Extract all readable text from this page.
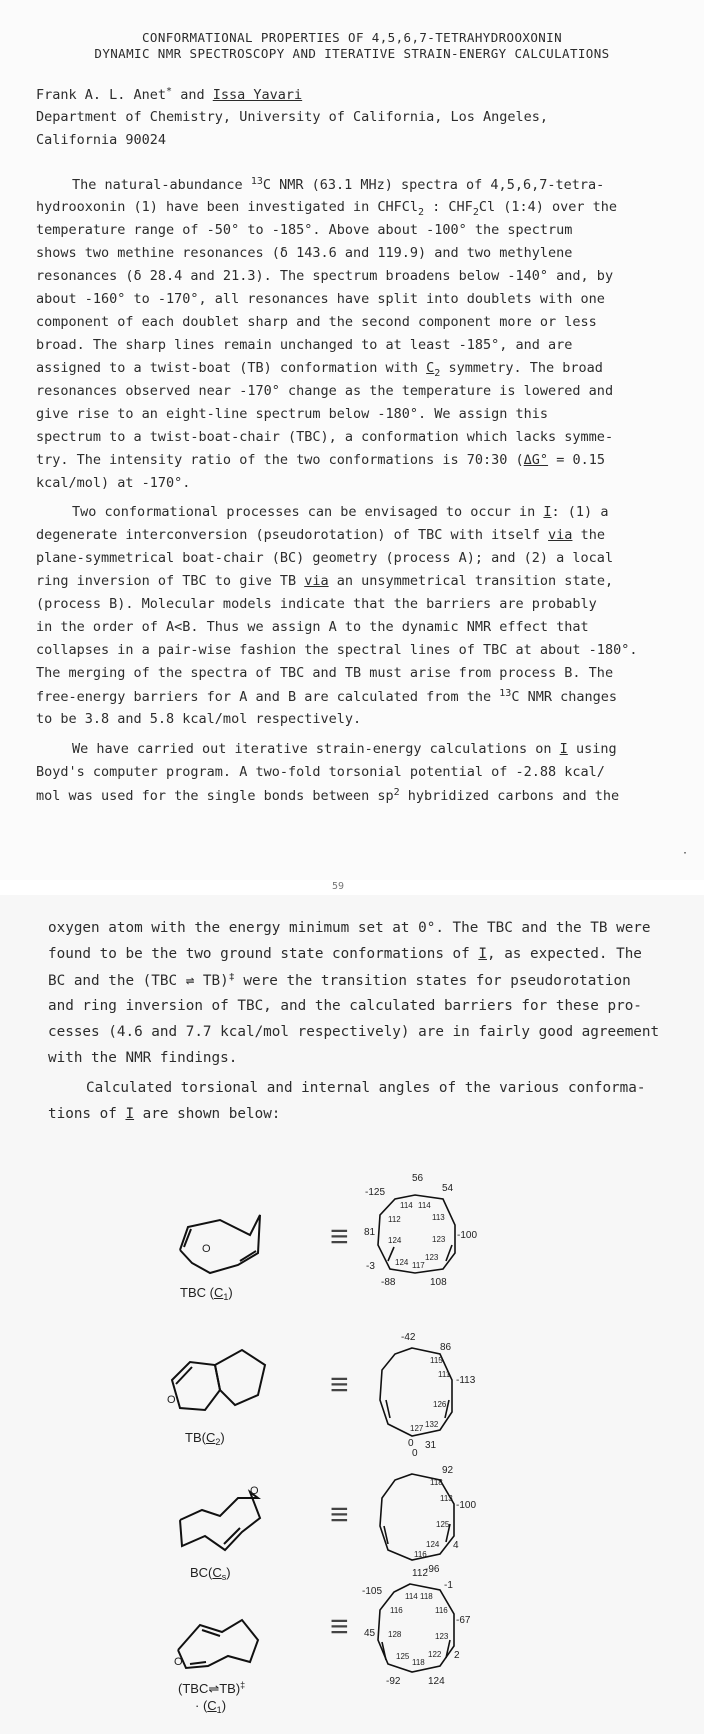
CONFORMATIONAL PROPERTIES OF 4,5,6,7-TETRAHYDROOXONIN
DYNAMIC NMR SPECTROSCOPY AND ITERATIVE STRAIN-ENERGY CALCULATIONS
Frank A. L. Anet* and Issa Yavari
Department of Chemistry, University of California, Los Angeles,
California 90024
The natural-abundance $^{13}$C NMR (63.1 MHz) spectra of 4,5,6,7-tetra-
hydrooxonin (1) have been investigated in CHFCl$_2$ : $CHF_2Cl$ (1:4) over the
temperature range of -50° to -185°. Above about -100° the spectrum
shows two methine resonances (δ 143.6 and 119.9) and two methylene
resonances (δ 28.4 and 21.3). The spectrum broadens below -140° and, by
about -160° to -170°, all resonances have split into doublets with one
component of each doublet sharp and the second component more or less
broad. The sharp lines remain unchanged to at least -185°, and are
assigned to a twist-boat (TB) conformation with $C_2$ symmetry. The broad
resonances observed near -170° change as the temperature is lowered and
give rise to an eight-line spectrum below -180°. We assign this
spectrum to a twist-boat-chair (TBC), a conformation which lacks symme-
try. The intensity ratio of the two conformations is 70:30 (ΔG° = 0.15
kcal/mol) at -170°.
Two conformational processes can be envisaged to occur in I: (1) a
degenerate interconversion (pseudorotation) of TBC with itself via the
plane-symmetrical boat-chair (BC) geometry (process A); and (2) a local
ring inversion of TBC to give TB via an unsymmetrical transition state,
(process B). Molecular models indicate that the barriers are probably
in the order of A<B. Thus we assign A to the dynamic NMR effect that
collapses in a pair-wise fashion the spectral lines of TBC at about -180°.
The merging of the spectra of TBC and TB must arise from process B. The
free-energy barriers for A and B are calculated from the $^{13}$C NMR changes
to be 3.8 and 5.8 kcal/mol respectively.
We have carried out iterative strain-energy calculations on I using
Boyd's computer program. A two-fold torsonial potential of -2.88 kcal/
mol was used for the single bonds between $sp^2$ hybridized carbons and the
·
59
oxygen atom with the energy minimum set at 0°. The TBC and the TB were
found to be the two ground state conformations of I, as expected. The
BC and the (TBC ⇌ TB)‡ were the transition states for pseudorotation
and ring inversion of TBC, and the calculated barriers for these pro-
cesses (4.6 and 7.7 kcal/mol respectively) are in fairly good agreement
with the NMR findings.
Calculated torsional and internal angles of the various conforma-
tions of I are shown below:
TBC $(C_1)$
≡
O
56
54
-100
108
-88
-3
81
-125
114 114
113
123
123
117
124
124
112
$TB(C_2)$
≡
O
-42
86
-113
31
0
115
111
126
127 132
$BC(C_s)$
≡
O
0
92
-100
4
-96
118
113
125
124
116
(TBC⇌TB)‡
· $(C_1)$
≡
O
112
-1
-67
2
124
-92
45
-105	114 118
116
123
122
118
125
128
116
